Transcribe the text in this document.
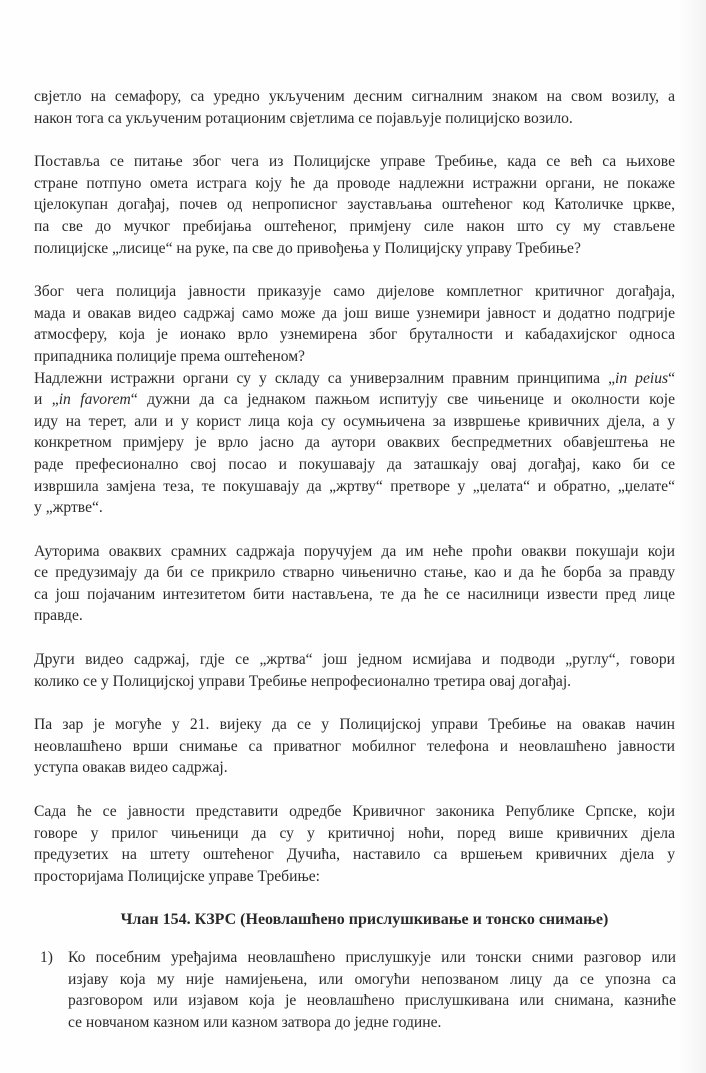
свјетло на семафору, са уредно укљученим десним сигналним знаком на свом возилу, а
након тога са укљученим ротационим свјетлима се појављује полицијско возило.

Поставља се питање због чега из Полицијске управе Требиње, када се већ са њихове
стране потпуно омета истрага коју ће да проводе надлежни истражни органи, не покаже
цјелокупан догађај, почев од непрописног заустављања оштећеног код Католичке цркве,
па све до мучког пребијања оштећеног, примјену силе након што су му стављене
полицијске „лисице“ на руке, па све до привођења у Полицијску управу Требиње?

Због чега полиција јавности приказује само дијелове комплетног критичног догађаја,
мада и овакав видео садржај само може да још више узнемири јавност и додатно подгрије
атмосферу, која је ионако врло узнемирена због бруталности и кабадахијског односа
припадника полиције према оштећеном?
Надлежни истражни органи су у складу са универзалним правним принципима „in peius“
и „in favorem“ дужни да са једнаком пажњом испитују све чињенице и околности које
иду на терет, али и у корист лица која су осумњичена за извршење кривичних дјела, а у
конкретном примјеру је врло јасно да аутори оваквих беспредметних обавјештења не
раде префесионално свој посао и покушавају да заташкају овај догађај, како би се
извршила замјена теза, те покушавају да „жртву“ претворе у „џелата“ и обратно, „џелате“
у „жртве“.

Ауторима оваквих срамних садржаја поручујем да им неће проћи овакви покушаји који
се предузимају да би се прикрило стварно чињенично стање, као и да ће борба за правду
са још појачаним интезитетом бити настављена, те да ће се насилници извести пред лице
правде.

Други видео садржај, гдје се „жртва“ још једном исмијава и подводи „руглу“, говори
колико се у Полицијској управи Требиње непрофесионално третира овај догађај.

Па зар је могуће у 21. вијеку да се у Полицијској управи Требиње на овакав начин
неовлашћено врши снимање са приватног мобилног телефона и неовлашћено јавности
уступа овакав видео садржај.

Сада ће се јавности представити одредбе Кривичног законика Републике Српске, који
говоре у прилог чињеници да су у критичној ноћи, поред више кривичних дјела
предузетих на штету оштећеног Дучића, наставило са вршењем кривичних дјела у
просторијама Полицијске управе Требиње:

Члан 154. КЗРС (Неовлашћено прислушкивање и тонско снимање)
1) Ко посебним уређајима неовлашћено прислушкује или тонски сними разговор или
изјаву која му није намијењена, или омогући непозваном лицу да се упозна са
разговором или изјавом која је неовлашћено прислушкивана или снимана, казниће
се новчаном казном или казном затвора до једне године.
